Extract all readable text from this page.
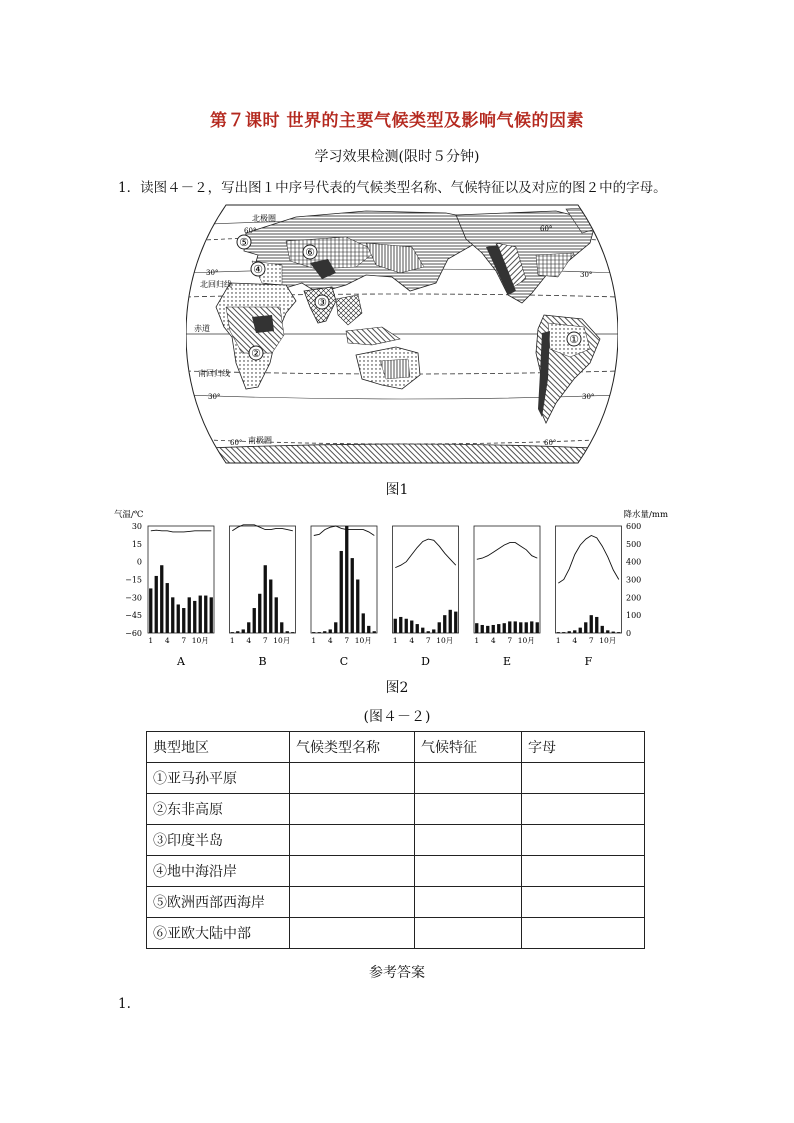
第７课时 世界的主要气候类型及影响气候的因素
学习效果检测(限时５分钟)
1．读图４－２，写出图１中序号代表的气候类型名称、气候特征以及对应的图２中的字母。
北极圈
北回归线
赤道
南回归线
南极圈
60°
30°
30°
60°
60°
30°
30°
60°
⑤
⑥
④
③
②
①
图1
气温/℃	降水量/mm
30
15
0
−15
−30
−45
−60
600
500
400
300
200
100
0
1 4 7 10月
A
1 4 7 10月
B
1 4 7 10月
C
1 4 7 10月
D
1 4 7 10月
E
1 4 7 10月
F
图2
(图４－２)
典型地区	气候类型名称	气候特征	字母
①亚马孙平原			
②东非高原			
③印度半岛			
④地中海沿岸			
⑤欧洲西部西海岸			
⑥亚欧大陆中部			
参考答案
1.
